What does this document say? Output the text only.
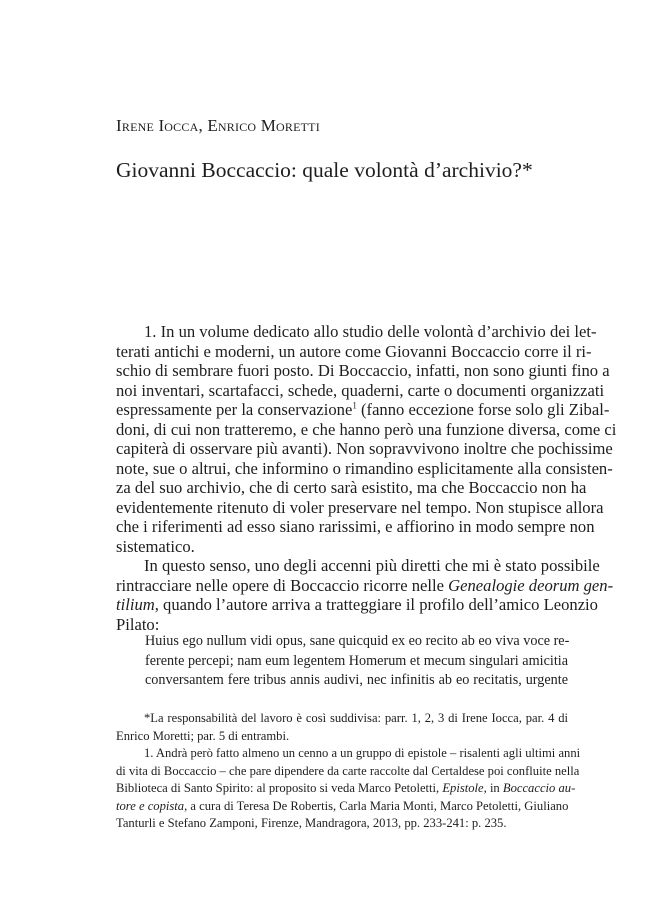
Irene Iocca, Enrico Moretti
Giovanni Boccaccio: quale volontà d’archivio?*
1. In un volume dedicato allo studio delle volontà d’archivio dei let-
terati antichi e moderni, un autore come Giovanni Boccaccio corre il ri-
schio di sembrare fuori posto. Di Boccaccio, infatti, non sono giunti fino a
noi inventari, scartafacci, schede, quaderni, carte o documenti organizzati
espressamente per la conservazione$^1$ (fanno eccezione forse solo gli Zibal-
doni, di cui non tratteremo, e che hanno però una funzione diversa, come ci
capiterà di osservare più avanti). Non sopravvivono inoltre che pochissime
note, sue o altrui, che informino o rimandino esplicitamente alla consisten-
za del suo archivio, che di certo sarà esistito, ma che Boccaccio non ha
evidentemente ritenuto di voler preservare nel tempo. Non stupisce allora
che i riferimenti ad esso siano rarissimi, e affiorino in modo sempre non
sistematico.
In questo senso, uno degli accenni più diretti che mi è stato possibile
rintracciare nelle opere di Boccaccio ricorre nelle Genealogie deorum gen-
tilium, quando l’autore arriva a tratteggiare il profilo dell’amico Leonzio
Pilato:
Huius ego nullum vidi opus, sane quicquid ex eo recito ab eo viva voce re-
ferente percepi; nam eum legentem Homerum et mecum singulari amicitia
conversantem fere tribus annis audivi, nec infinitis ab eo recitatis, urgente
*La responsabilità del lavoro è così suddivisa: parr. 1, 2, 3 di Irene Iocca, par. 4 di
Enrico Moretti; par. 5 di entrambi.
1. Andrà però fatto almeno un cenno a un gruppo di epistole – risalenti agli ultimi anni
di vita di Boccaccio – che pare dipendere da carte raccolte dal Certaldese poi confluite nella
Biblioteca di Santo Spirito: al proposito si veda Marco Petoletti, Epistole, in Boccaccio au-
tore e copista, a cura di Teresa De Robertis, Carla Maria Monti, Marco Petoletti, Giuliano
Tanturli e Stefano Zamponi, Firenze, Mandragora, 2013, pp. 233-241: p. 235.
